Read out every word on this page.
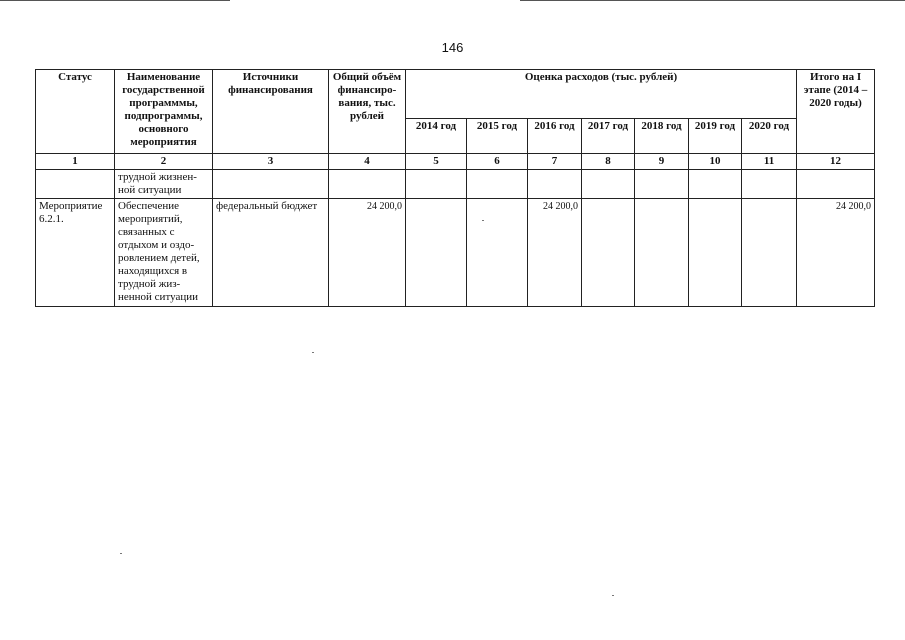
146
Статус	Наименование государственной программмы, подпрограммы, основного мероприятия	Источники финансирования	Общий объём финансиро-вания, тыс. рублей	Оценка расходов (тыс. рублей)							Итого на I этапе (2014 – 2020 годы)
				2014 год	2015 год	2016 год	2017 год	2018 год	2019 год	2020 год	
1	2	3	4	5	6	7	8	9	10	11	12
	трудной жизнен-ной ситуации										
Мероприятие 6.2.1.	Обеспечение мероприятий, связанных с отдыхом и оздо-ровлением детей, находящихся в трудной жиз-ненной ситуации	федеральный бюджет	24 200,0			24 200,0					24 200,0
